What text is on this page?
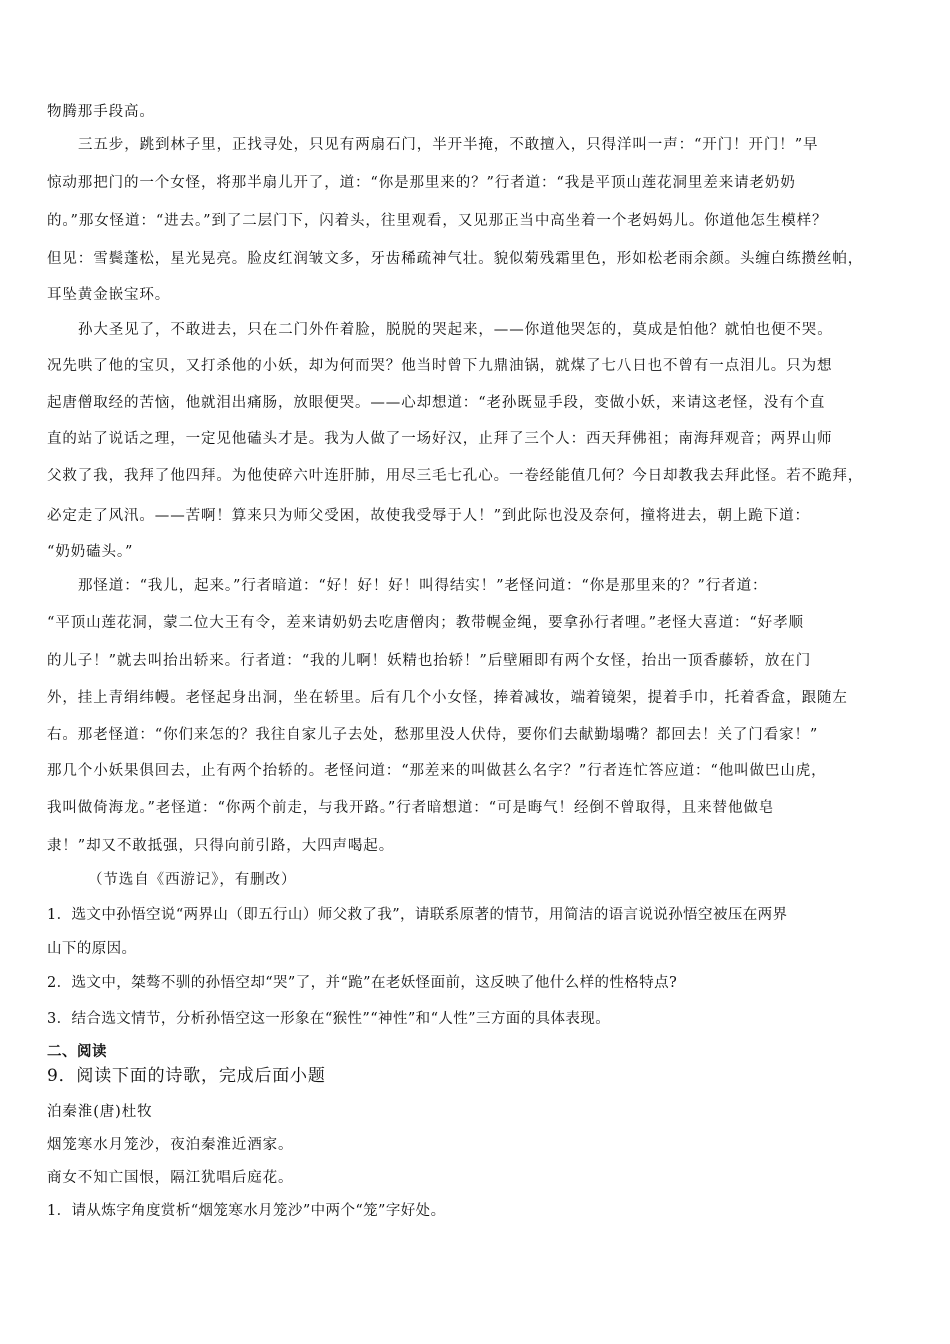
物腾那手段高。
三五步，跳到林子里，正找寻处，只见有两扇石门，半开半掩，不敢擅入，只得洋叫一声：“开门！开门！”早
惊动那把门的一个女怪，将那半扇儿开了，道：“你是那里来的？”行者道：“我是平顶山莲花洞里差来请老奶奶
的。”那女怪道：“进去。”到了二层门下，闪着头，往里观看，又见那正当中高坐着一个老妈妈儿。你道他怎生模样？
但见：雪鬓蓬松，星光晃亮。脸皮红润皱文多，牙齿稀疏神气壮。貌似菊残霜里色，形如松老雨余颜。头缠白练攒丝帕，
耳坠黄金嵌宝环。
孙大圣见了，不敢进去，只在二门外仵着脸，脱脱的哭起来，——你道他哭怎的，莫成是怕他？就怕也便不哭。
况先哄了他的宝贝，又打杀他的小妖，却为何而哭？他当时曾下九鼎油锅，就煤了七八日也不曾有一点泪儿。只为想
起唐僧取经的苦恼，他就泪出痛肠，放眼便哭。——心却想道：“老孙既显手段，变做小妖，来请这老怪，没有个直
直的站了说话之理，一定见他磕头才是。我为人做了一场好汉，止拜了三个人：西天拜佛祖；南海拜观音；两界山师
父救了我，我拜了他四拜。为他使碎六叶连肝肺，用尽三毛七孔心。一卷经能值几何？今日却教我去拜此怪。若不跪拜，
必定走了风汛。——苦啊！算来只为师父受困，故使我受辱于人！”到此际也没及奈何，撞将进去，朝上跪下道：
“奶奶磕头。”
那怪道：“我儿，起来。”行者暗道：“好！好！好！叫得结实！”老怪问道：“你是那里来的？”行者道：
“平顶山莲花洞，蒙二位大王有令，差来请奶奶去吃唐僧肉；教带幌金绳，要拿孙行者哩。”老怪大喜道：“好孝顺
的儿子！”就去叫抬出轿来。行者道：“我的儿啊！妖精也抬轿！”后壁厢即有两个女怪，抬出一顶香藤轿，放在门
外，挂上青绢纬幔。老怪起身出洞，坐在轿里。后有几个小女怪，捧着减妆，端着镜架，提着手巾，托着香盒，跟随左
右。那老怪道：“你们来怎的？我往自家儿子去处，愁那里没人伏侍，要你们去献勤塌嘴？都回去！关了门看家！”
那几个小妖果俱回去，止有两个抬轿的。老怪问道：“那差来的叫做甚么名字？”行者连忙答应道：“他叫做巴山虎，
我叫做倚海龙。”老怪道：“你两个前走，与我开路。”行者暗想道：“可是晦气！经倒不曾取得，且来替他做皂
隶！”却又不敢抵强，只得向前引路，大四声喝起。
（节选自《西游记》，有删改）
1．选文中孙悟空说“两界山（即五行山）师父救了我”，请联系原著的情节，用简洁的语言说说孙悟空被压在两界
山下的原因。
2．选文中，桀骜不驯的孙悟空却“哭”了，并“跪”在老妖怪面前，这反映了他什么样的性格特点?
3．结合选文情节，分析孙悟空这一形象在“猴性”“神性”和“人性”三方面的具体表现。
二、阅读
9．阅读下面的诗歌，完成后面小题
泊秦淮(唐)杜牧
烟笼寒水月笼沙，夜泊秦淮近酒家。
商女不知亡国恨，隔江犹唱后庭花。
1．请从炼字角度赏析“烟笼寒水月笼沙”中两个“笼”字好处。
